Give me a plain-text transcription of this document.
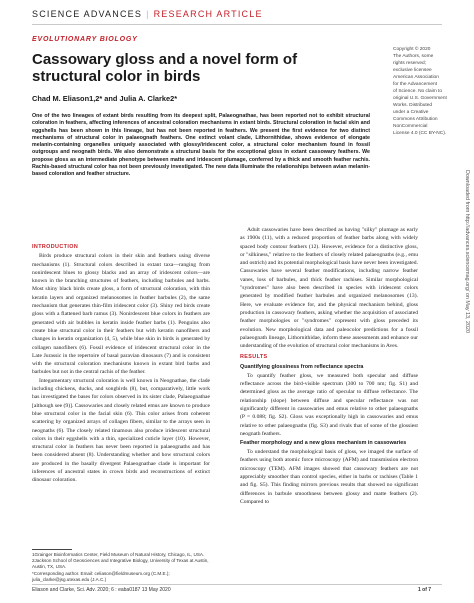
SCIENCE ADVANCES | RESEARCH ARTICLE
EVOLUTIONARY BIOLOGY
Cassowary gloss and a novel form of structural color in birds
Chad M. Eliason1,2* and Julia A. Clarke2*

Copyright © 2020

The Authors, some

rights reserved;

exclusive licensee

American Association

for the Advancement

of Science. No claim to

original U.S. Government

Works. Distributed

under a Creative

Commons Attribution

NonCommercial

License 4.0 (CC BY-NC).

One of the two lineages of extant birds resulting from its deepest split, Palaeognathae, has been reported not to exhibit structural coloration in feathers, affecting inferences of ancestral coloration mechanisms in extant birds. Structural coloration in facial skin and eggshells has been shown in this lineage, but has not been reported in feathers. We present the first evidence for two distinct mechanisms of structural color in palaeognath feathers. One extinct volant clade, Lithornithidae, shows evidence of elongate melanin-containing organelles uniquely associated with glossy/iridescent color, a structural color mechanism found in fossil outgroups and neognath birds. We also demonstrate a structural basis for the exceptional gloss in extant cassowary feathers. We propose gloss as an intermediate phenotype between matte and iridescent plumage, conferred by a thick and smooth feather rachis. Rachis-based structural color has not been previously investigated. The new data illuminate the relationships between avian melanin-based coloration and feather structure.

INTRODUCTION

Birds produce structural colors in their skin and feathers using diverse mechanisms (1). Structural colors described in extant taxa—ranging from nonirdescent blues to glossy blacks and an array of iridescent colors—are known in the branching structures of feathers, including barbules and barbs. Most shiny black birds create gloss, a form of structural coloration, with thin keratin layers and organized melanosomes in feather barbules (2), the same mechanism that generates thin-film iridescent color (3). Shiny red birds create gloss with a flattened barb ramus (3). Nonirdescent blue colors in feathers are generated with air bubbles in keratin inside feather barbs (1). Penguins also create blue structural color in their feathers but with keratin nanofibers and changes in keratin organization (4, 5), while blue skin in birds is generated by collagen nanofibers (6). Fossil evidence of iridescent structural color in the Late Jurassic in the repertoire of basal paravian dinosaurs (7) and is consistent with the structural coloration mechanisms known in extant bird barbs and barbules but not in the central rachis of the feather.

Integumentary structural coloration is well known in Neognathae, the clade including chickens, ducks, and songbirds (8), but, comparatively, little work has investigated the bases for colors observed in its sister clade, Palaeognathae [although see (9)]. Cassowaries and closely related emus are known to produce blue structural color in the facial skin (6). This color arises from coherent scattering by organized arrays of collagen fibers, similar to the arrays seen in neognaths (6). The closely related tinamous also produce iridescent structural colors in their eggshells with a thin, specialized cuticle layer (10). However, structural color in feathers has never been reported in palaeognaths and has been considered absent (8). Understanding whether and how structural colors are produced in the basally divergent Palaeognathae clade is important for inferences of ancestral states in crown birds and reconstructions of extinct dinosaur coloration.

Adult cassowaries have been described as having "silky" plumage as early as 1900s (11), with a reduced proportion of feather barbs along with widely spaced body contour feathers (12). However, evidence for a distinctive gloss, or "silkiness," relative to the feathers of closely related palaeognaths (e.g., emu and ostrich) and its potential morphological basis have never been investigated. Cassowaries have several feather modifications, including narrow feather vanes, loss of barbules, and thick feather rachises. Similar morphological "syndromes" have also been described in species with iridescent colors generated by modified feather barbules and organized melanosomes (13). Here, we evaluate evidence for, and the physical mechanism behind, gloss production in cassowary feathers, asking whether the acquisition of associated feather morphologies or "syndromes" copresent with gloss preceded its evolution. New morphological data and paleocolor predictions for a fossil palaeognath lineage, Lithornithidae, inform these assessments and enhance our understanding of the evolution of structural color mechanisms in Aves.

RESULTS
Quantifying glossiness from reflectance spectra

To quantify feather gloss, we measured both specular and diffuse reflectance across the bird-visible spectrum (300 to 700 nm; fig. S1) and determined gloss as the average ratio of specular to diffuse reflectance. The relationship (slope) between diffuse and specular reflectance was not significantly different in cassowaries and emus relative to other palaeognaths (P = 0.088; fig. S2). Gloss was exceptionally high in cassowaries and emus relative to other palaeognaths (fig. S3) and rivals that of some of the glossiest neognath feathers.

Feather morphology and a new gloss mechanism in cassowaries

To understand the morphological basis of gloss, we imaged the surface of feathers using both atomic force microscopy (AFM) and transmission electron microscopy (TEM). AFM images showed that cassowary feathers are not appreciably smoother than control species, either in barbs or rachises (Table 1 and fig. S5). This finding mirrors previous results that showed no significant differences in barbule smoothness between glossy and matte feathers (2). Compared to

1Grainger Bioinformatics Center, Field Museum of Natural History, Chicago, IL, USA. 2Jackson School of Geosciences and Integrative Biology, University of Texas at Austin, Austin, TX, USA.

*Corresponding author. Email: celiason@fieldmuseum.org (C.M.E.); julia_clarke@jsg.utexas.edu (J.A.C.)

Eliason and Clarke, Sci. Adv. 2020; 6 : eaba0187 13 May 2020	1 of 7
Downloaded from http://advances.sciencemag.org/ on May 13, 2020
